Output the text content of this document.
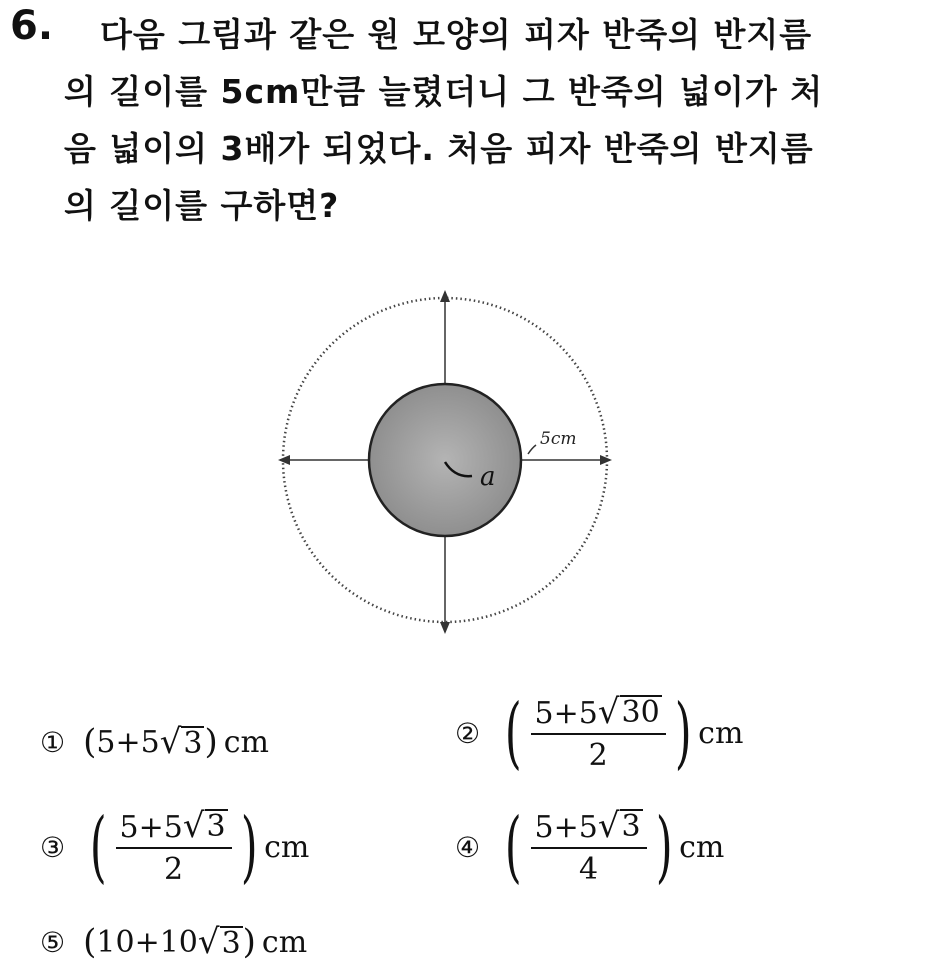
6. 다음 그림과 같은 원 모양의 피자 반죽의 반지름
의 길이를 5cm만큼 늘렸더니 그 반죽의 넓이가 처
음 넓이의 3배가 되었다. 처음 피자 반죽의 반지름
의 길이를 구하면?
a
5cm
① ( 5 + 5 √ 3 ) cm	② ( $\frac{5+5 √ 30}{2}$ ) cm
③ ( $\frac{5+5 √ 3}{2}$ ) cm	④ ( $\frac{5+5 √ 3}{4}$ ) cm
⑤ ( 10 + 10 √ 3 ) cm
